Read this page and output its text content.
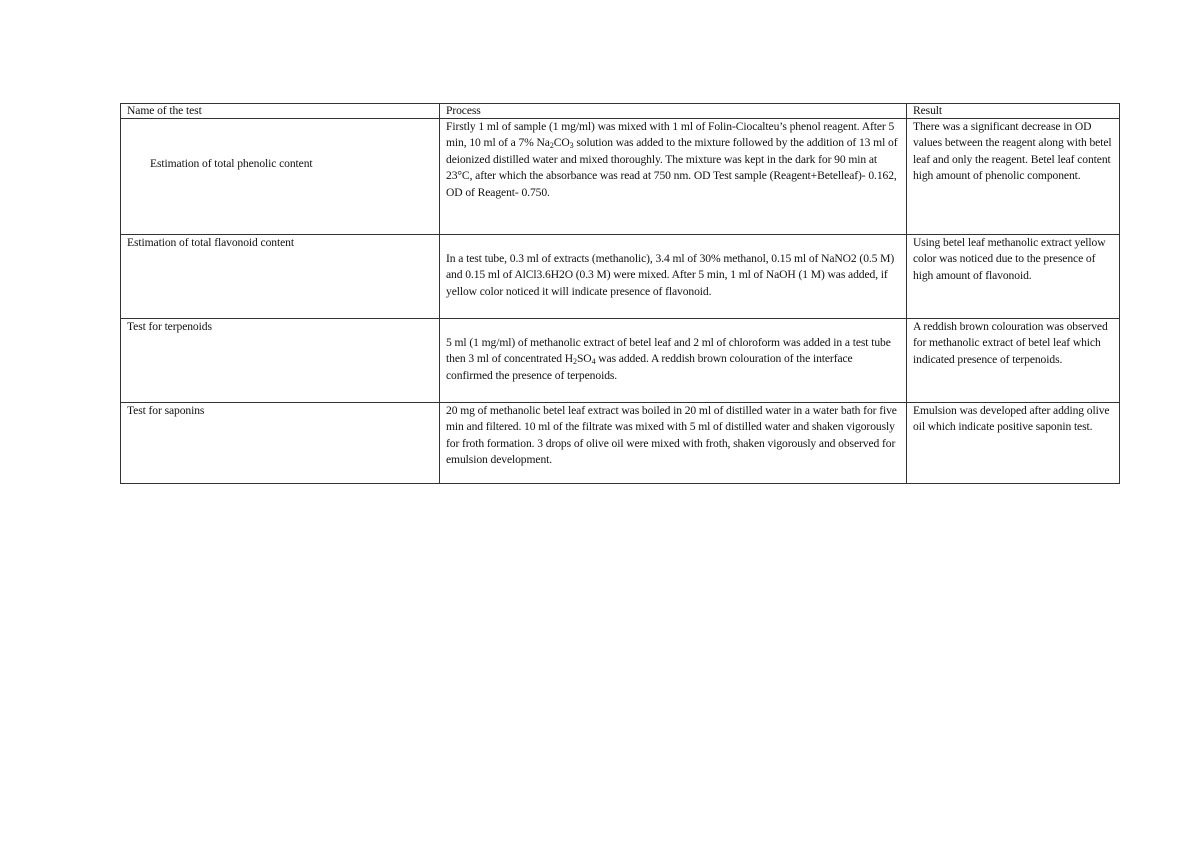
Name of the test	Process	Result

Estimation of total phenolic content	Firstly 1 ml of sample (1 mg/ml) was mixed with 1 ml of Folin-Ciocalteu’s phenol reagent. After 5 min, 10 ml of a 7% $Na_2CO_3$ solution was added to the mixture followed by the addition of 13 ml of deionized distilled water and mixed thoroughly. The mixture was kept in the dark for 90 min at 23°C, after which the absorbance was read at 750 nm. OD Test sample (Reagent+Betelleaf)- 0.162, OD of Reagent- 0.750.	There was a significant decrease in OD values between the reagent along with betel leaf and only the reagent. Betel leaf content high amount of phenolic component.
Estimation of total flavonoid content	In a test tube, 0.3 ml of extracts (methanolic), 3.4 ml of 30% methanol, 0.15 ml of NaNO2 (0.5 M) and 0.15 ml of AlCl3.6H2O (0.3 M) were mixed. After 5 min, 1 ml of NaOH (1 M) was added, if yellow color noticed it will indicate presence of flavonoid.	Using betel leaf methanolic extract yellow color was noticed due to the presence of high amount of flavonoid.
Test for terpenoids	5 ml (1 mg/ml) of methanolic extract of betel leaf and 2 ml of chloroform was added in a test tube then 3 ml of concentrated $H_2SO_4$ was added. A reddish brown colouration of the interface confirmed the presence of terpenoids.	A reddish brown colouration was observed for methanolic extract of betel leaf which indicated presence of terpenoids.
Test for saponins	20 mg of methanolic betel leaf extract was boiled in 20 ml of distilled water in a water bath for five min and filtered. 10 ml of the filtrate was mixed with 5 ml of distilled water and shaken vigorously for froth formation. 3 drops of olive oil were mixed with froth, shaken vigorously and observed for emulsion development.	Emulsion was developed after adding olive oil which indicate positive saponin test.
